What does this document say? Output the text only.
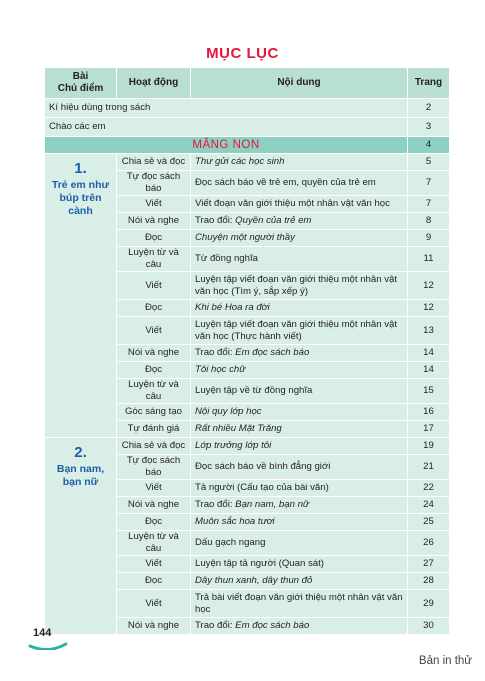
MỤC LỤC
Bài
Chủ điểm	Hoạt động	Nội dung	Trang
Kí hiệu dùng trong sách			2
Chào các em			3
MĂNG NON			4

1.
Trẻ em như búp trên cành	Chia sẻ và đọc	Thư gửi các học sinh	5
	Tự đọc sách báo	Đọc sách báo về trẻ em, quyền của trẻ em	7
	Viết	Viết đoạn văn giới thiệu một nhân vật văn học	7
	Nói và nghe	Trao đổi: Quyền của trẻ em	8
	Đọc	Chuyện một người thầy	9
	Luyện từ và câu	Từ đồng nghĩa	11
	Viết	Luyện tập viết đoạn văn giới thiệu một nhân vật văn học (Tìm ý, sắp xếp ý)	12
	Đọc	Khi bé Hoa ra đời	12
	Viết	Luyện tập viết đoạn văn giới thiệu một nhân vật văn học (Thực hành viết)	13
	Nói và nghe	Trao đổi: Em đọc sách báo	14
	Đọc	Tôi học chữ	14
	Luyện từ và câu	Luyện tập về từ đồng nghĩa	15
	Góc sáng tạo	Nội quy lớp học	16
	Tự đánh giá	Rất nhiều Mặt Trăng	17

2.
Bạn nam, bạn nữ	Chia sẻ và đọc	Lớp trưởng lớp tôi	19
	Tự đọc sách báo	Đọc sách báo về bình đẳng giới	21
	Viết	Tả người (Cấu tạo của bài văn)	22
	Nói và nghe	Trao đổi: Bạn nam, bạn nữ	24
	Đọc	Muôn sắc hoa tươi	25
	Luyện từ và câu	Dấu gạch ngang	26
	Viết	Luyện tập tả người (Quan sát)	27
	Đọc	Dây thun xanh, dây thun đỏ	28
	Viết	Trả bài viết đoạn văn giới thiệu một nhân vật văn học	29
	Nói và nghe	Trao đổi: Em đọc sách báo	30
144
Bản in thử
